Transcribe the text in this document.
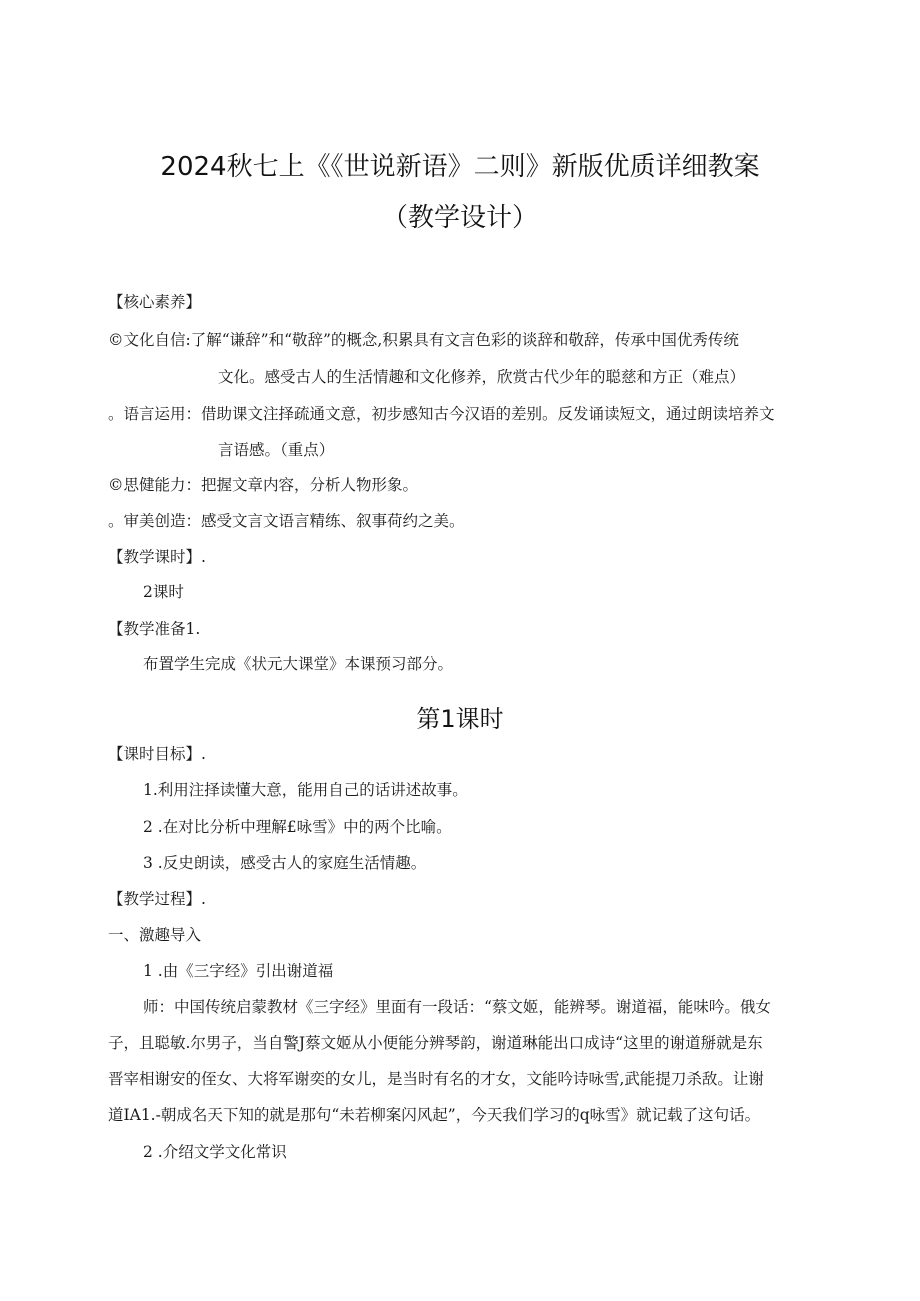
2024秋七上《《世说新语》二则》新版优质详细教案
（教学设计）
【核心素养】
©文化自信:了解“谦辞”和“敬辞”的概念,积累具有文言色彩的谈辞和敬辞，传承中国优秀传统
文化。感受古人的生活情趣和文化修养，欣赏古代少年的聪慈和方正（难点）
。语言运用：借助课文注择疏通文意，初步感知古今汉语的差别。反发诵读短文，通过朗读培养文
言语感。（重点）
©思健能力：把握文章内容，分析人物形象。
。审美创造：感受文言文语言精练、叙事荷约之美。
【教学课时】.
2课时
【教学准备1.
布置学生完成《状元大课堂》本课预习部分。
第1课时
【课时目标】.
1.利用注择读懂大意，能用自己的话讲述故事。
2 .在对比分析中理解£咏雪》中的两个比喻。
3 .反史朗读，感受古人的家庭生活情趣。
【教学过程】.
一、激趣导入
1 .由《三字经》引出谢道福
师：中国传统启蒙教材《三字经》里面有一段话：“蔡文姬，能辨琴。谢道福，能味吟。俄女
子，且聪敏.尔男子，当自警J蔡文姬从小便能分辨琴韵，谢道琳能出口成诗“这里的谢道掰就是东
晋宰相谢安的侄女、大将军谢奕的女儿，是当时有名的才女，文能吟诗咏雪,武能提刀杀敌。让谢
道IA1.-朝成名天下知的就是那句“未若柳案闪风起”，今天我们学习的q咏雪》就记载了这句话。
2 .介绍文学文化常识
